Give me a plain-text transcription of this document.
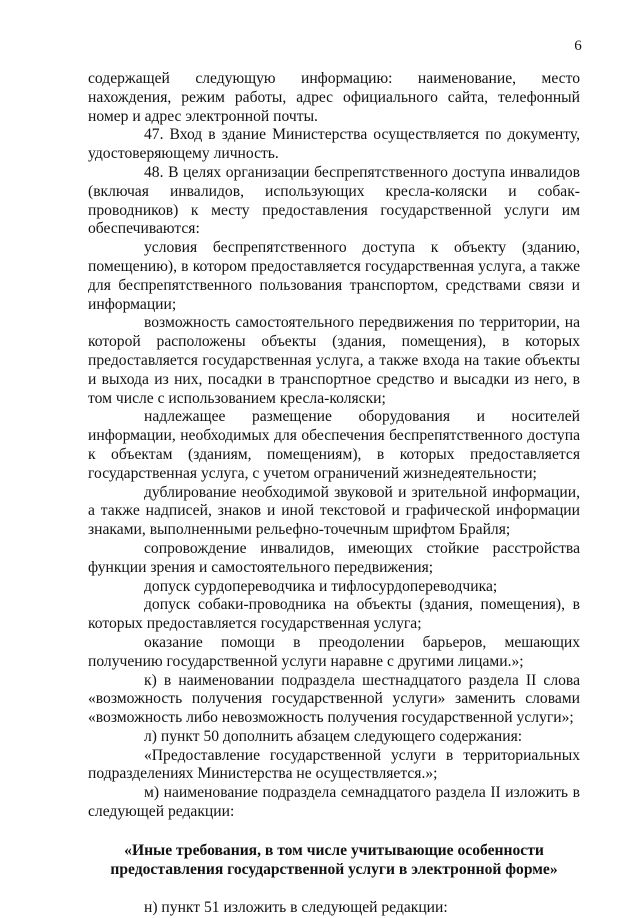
6

содержащей следующую информацию: наименование, место нахождения, режим работы, адрес официального сайта, телефонный номер и адрес электронной почты.

47. Вход в здание Министерства осуществляется по документу, удостоверяющему личность.

48. В целях организации беспрепятственного доступа инвалидов (включая инвалидов, использующих кресла-коляски и собак-проводников) к месту предоставления государственной услуги им обеспечиваются:

условия беспрепятственного доступа к объекту (зданию, помещению), в котором предоставляется государственная услуга, а также для беспрепятственного пользования транспортом, средствами связи и информации;

возможность самостоятельного передвижения по территории, на которой расположены объекты (здания, помещения), в которых предоставляется государственная услуга, а также входа на такие объекты и выхода из них, посадки в транспортное средство и высадки из него, в том числе с использованием кресла-коляски;

надлежащее размещение оборудования и носителей информации, необходимых для обеспечения беспрепятственного доступа к объектам (зданиям, помещениям), в которых предоставляется государственная услуга, с учетом ограничений жизнедеятельности;

дублирование необходимой звуковой и зрительной информации, а также надписей, знаков и иной текстовой и графической информации знаками, выполненными рельефно-точечным шрифтом Брайля;

сопровождение инвалидов, имеющих стойкие расстройства функции зрения и самостоятельного передвижения;

допуск сурдопереводчика и тифлосурдопереводчика;

допуск собаки-проводника на объекты (здания, помещения), в которых предоставляется государственная услуга;

оказание помощи в преодолении барьеров, мешающих получению государственной услуги наравне с другими лицами.»;

к) в наименовании подраздела шестнадцатого раздела II слова «возможность получения государственной услуги» заменить словами «возможность либо невозможность получения государственной услуги»;

л) пункт 50 дополнить абзацем следующего содержания:

«Предоставление государственной услуги в территориальных подразделениях Министерства не осуществляется.»;

м) наименование подраздела семнадцатого раздела II изложить в следующей редакции:

«Иные требования, в том числе учитывающие особенности
предоставления государственной услуги в электронной форме»

н) пункт 51 изложить в следующей редакции:
